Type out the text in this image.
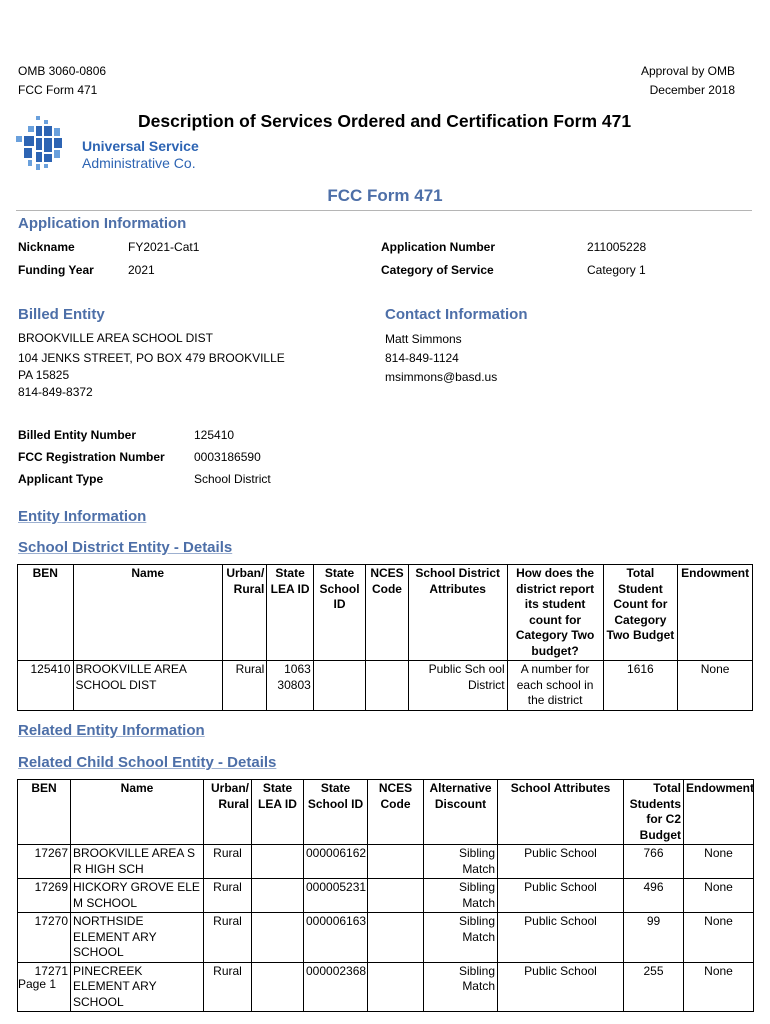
OMB 3060-0806
FCC Form 471
Approval by OMB
December 2018
Universal Service
Administrative Co.
Description of Services Ordered and Certification Form 471
FCC Form 471
Application Information
Nickname	FY2021-Cat1	Application Number	211005228
Funding Year	2021	Category of Service	Category 1
Billed Entity
BROOKVILLE AREA SCHOOL DIST
104 JENKS STREET, PO BOX 479 BROOKVILLE
PA 15825
814-849-8372
Contact Information
Matt Simmons
814-849-1124
msimmons@basd.us
Billed Entity Number	125410
FCC Registration Number 0003186590
Applicant Type	School District
Entity Information
School District Entity - Details
BEN	Name	Urban/ Rural	State LEA ID	State School ID	NCES Code	School District Attributes	How does the district report its student count for Category Two budget?	Total Student Count for Category Two Budget	Endowment
125410	BROOKVILLE AREA SCHOOL DIST	Rural	1063 30803			Public Sch ool District	A number for each school in the district	1616	None
Related Entity Information
Related Child School Entity - Details
BEN	Name	Urban/ Rural	State LEA ID	State School ID	NCES Code	Alternative Discount	School Attributes	Total Students for C2 Budget	Endowment
17267	BROOKVILLE AREA S R HIGH SCH	Rural		000006162		Sibling Match	Public School	766	None
17269	HICKORY GROVE ELE M SCHOOL	Rural		000005231		Sibling Match	Public School	496	None
17270	NORTHSIDE ELEMENT ARY SCHOOL	Rural		000006163		Sibling Match	Public School	99	None
17271	PINECREEK ELEMENT ARY SCHOOL	Rural		000002368		Sibling Match	Public School	255	None
Page 1
